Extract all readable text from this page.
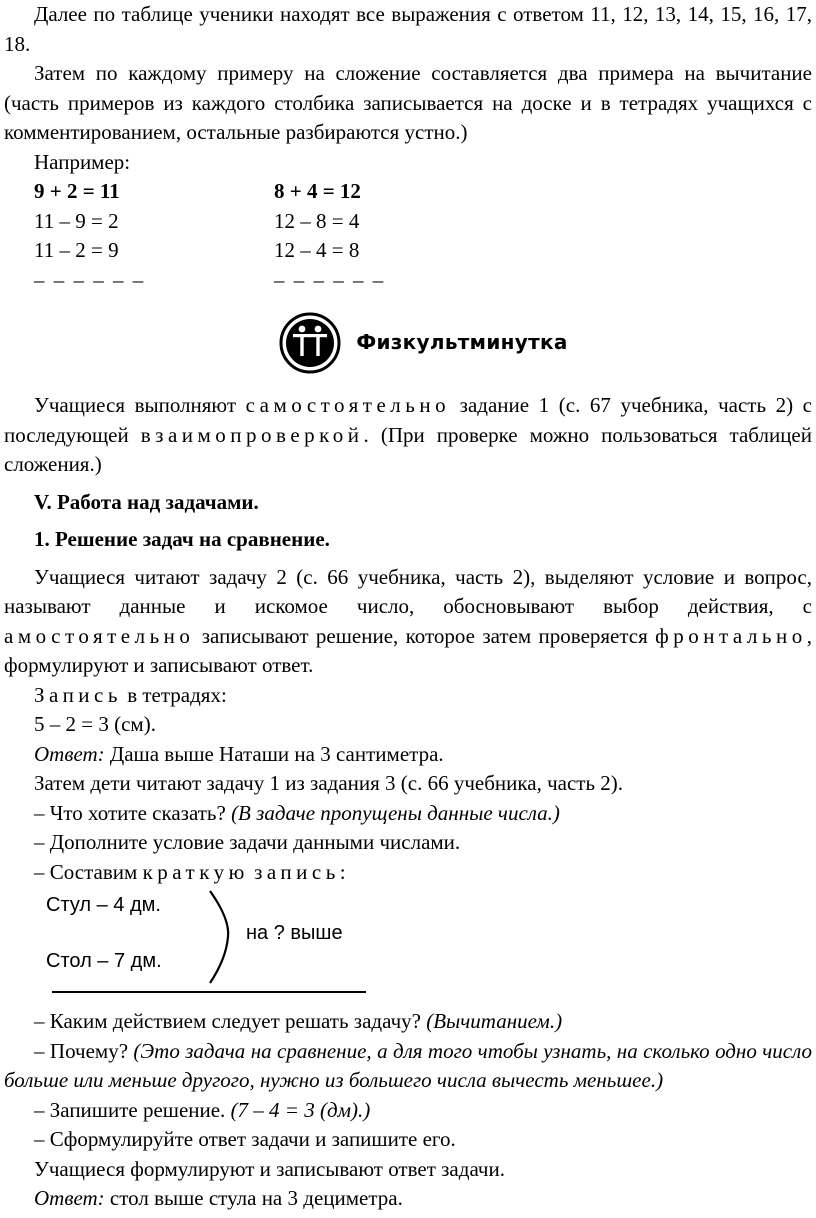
Далее по таблице ученики находят все выражения с ответом 11, 12, 13, 14, 15, 16, 17, 18.

Затем по каждому примеру на сложение составляется два примера на вычитание (часть примеров из каждого столбика записывается на доске и в тетрадях учащихся с комментированием, остальные разбираются устно.)

Например:

9 + 2 = 11

11 – 9 = 2

11 – 2 = 9

– – – – – –

8 + 4 = 12

12 – 8 = 4

12 – 4 = 8

– – – – – –

Физкультминутка

Учащиеся выполняют самостоятельно задание 1 (с. 67 учебника, часть 2) с последующей взаимопроверкой. (При проверке можно пользоваться таблицей сложения.)

V. Работа над задачами.

1. Решение задач на сравнение.

Учащиеся читают задачу 2 (с. 66 учебника, часть 2), выделяют условие и вопрос, называют данные и искомое число, обосновывают выбор действия, с амостоятельно записывают решение, которое затем проверяется фронтально, формулируют и записывают ответ.

Запись в тетрадях:

5 – 2 = 3 (см).

Ответ: Даша выше Наташи на 3 сантиметра.

Затем дети читают задачу 1 из задания 3 (с. 66 учебника, часть 2).

– Что хотите сказать? (В задаче пропущены данные числа.)

– Дополните условие задачи данными числами.

– Составим краткую запись:

Стул – 4 дм.
Стол – 7 дм.
на ? выше

– Каким действием следует решать задачу? (Вычитанием.)

– Почему? (Это задача на сравнение, а для того чтобы узнать, на сколько одно число больше или меньше другого, нужно из большего числа вычесть меньшее.)

– Запишите решение. (7 – 4 = 3 (дм).)

– Сформулируйте ответ задачи и запишите его.

Учащиеся формулируют и записывают ответ задачи.

Ответ: стол выше стула на 3 дециметра.
